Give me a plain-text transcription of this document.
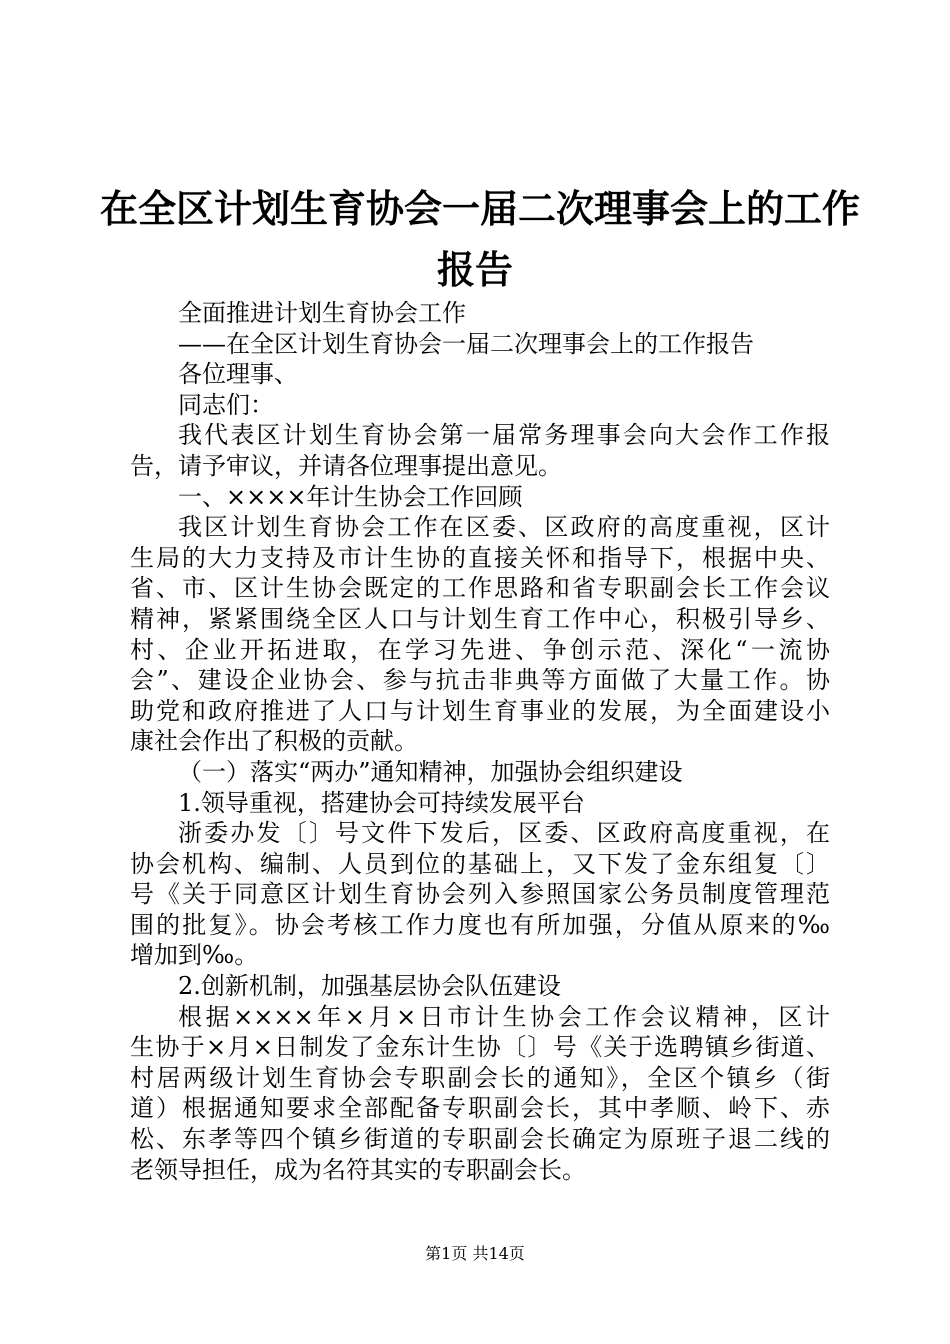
在全区计划生育协会一届二次理事会上的工作
报告
全面推进计划生育协会工作
——在全区计划生育协会一届二次理事会上的工作报告
各位理事、
同志们：
我代表区计划生育协会第一届常务理事会向大会作工作报
告，请予审议，并请各位理事提出意见。
一、××××年计生协会工作回顾
我区计划生育协会工作在区委、区政府的高度重视，区计
生局的大力支持及市计生协的直接关怀和指导下，根据中央、
省、市、区计生协会既定的工作思路和省专职副会长工作会议
精神，紧紧围绕全区人口与计划生育工作中心，积极引导乡、
村、企业开拓进取，在学习先进、争创示范、深化“一流协
会”、建设企业协会、参与抗击非典等方面做了大量工作。协
助党和政府推进了人口与计划生育事业的发展，为全面建设小
康社会作出了积极的贡献。
（一）落实“两办”通知精神，加强协会组织建设
1.领导重视，搭建协会可持续发展平台
浙委办发〔〕号文件下发后，区委、区政府高度重视，在
协会机构、编制、人员到位的基础上，又下发了金东组复〔〕
号《关于同意区计划生育协会列入参照国家公务员制度管理范
围的批复》。协会考核工作力度也有所加强，分值从原来的‰
增加到‰。
2.创新机制，加强基层协会队伍建设
根据××××年×月×日市计生协会工作会议精神，区计
生协于×月×日制发了金东计生协〔〕号《关于选聘镇乡街道、
村居两级计划生育协会专职副会长的通知》，全区个镇乡（街
道）根据通知要求全部配备专职副会长，其中孝顺、岭下、赤
松、东孝等四个镇乡街道的专职副会长确定为原班子退二线的
老领导担任，成为名符其实的专职副会长。
第1页 共14页
